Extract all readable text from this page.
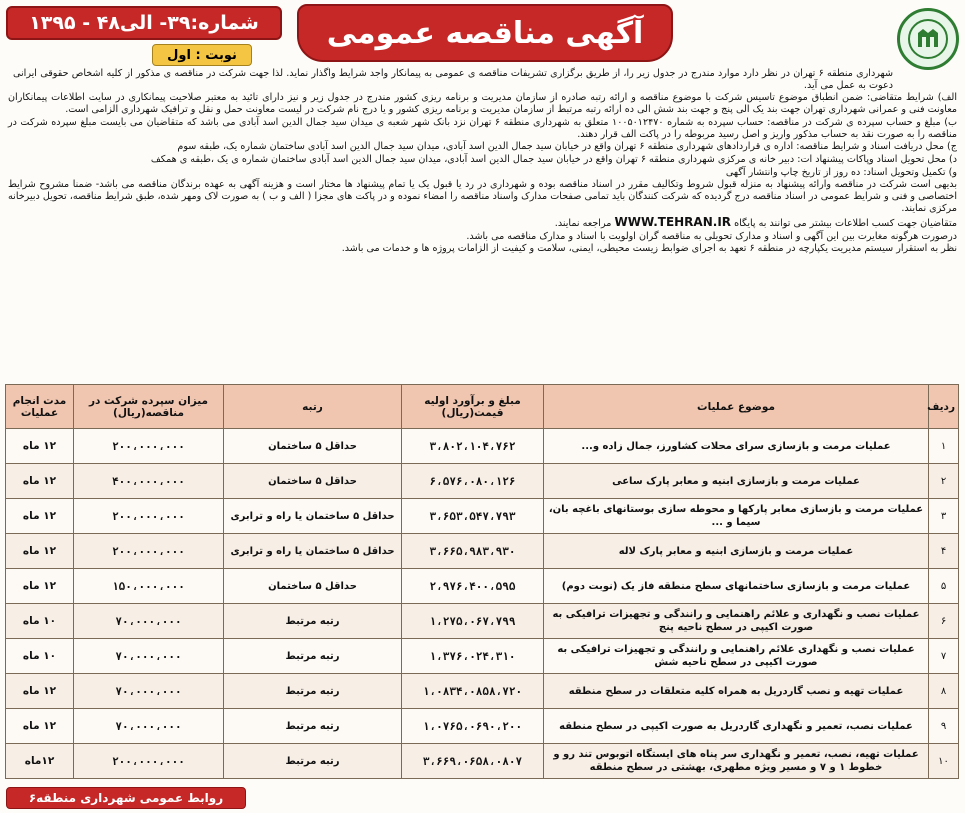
آگهی مناقصه عمومی
شماره:۳۹- الی۴۸ - ۱۳۹۵
نوبت : اول
شهرداری منطقه ۶ تهران در نظر دارد موارد مندرج در جدول زیر را، از طریق برگزاری تشریفات مناقصه ی عمومی به پیمانکار واجد شرایط واگذار نماید. لذا جهت شرکت در مناقصه ی مذکور از کلیه اشخاص حقوقی ایرانی دعوت به عمل می آید.

الف) شرایط متقاضی: ضمن انطباق موضوع تاسیس شرکت با موضوع مناقصه و ارائه رتبه صادره از سازمان مدیریت و برنامه ریزی کشور مندرج در جدول زیر و نیز دارای تائید به معتبر صلاحیت پیمانکاری در سایت اطلاعات پیمانکاران معاونت فنی و عمرانی شهرداری تهران جهت بند یک الی پنج و جهت بند شش الی ده ارائه رتبه مرتبط از سازمان مدیریت و برنامه ریزی کشور و یا درج نام شرکت در لیست معاونت حمل و نقل و ترافیک شهرداری الزامی است.

ب) مبلغ و حساب سپرده ی شرکت در مناقصه: حساب سپرده به شماره ۱۰۰۵۰۱۲۴۷۰ متعلق به شهرداری منطقه ۶ تهران نزد بانک شهر شعبه ی میدان سید جمال الدین اسد آبادی می باشد که متقاضیان می بایست مبلغ سپرده شرکت در مناقصه را به صورت نقد به حساب مذکور واریز و اصل رسید مربوطه را در پاکت الف قرار دهند.

ج) محل دریافت اسناد و شرایط مناقصه: اداره ی قراردادهای شهرداری منطقه ۶ تهران واقع در خیابان سید جمال الدین اسد آبادی، میدان سید جمال الدین اسد آبادی ساختمان شماره یک، طبقه سوم

د) محل تحویل اسناد وپاکات پیشنهاد ات: دبیر خانه ی مرکزی شهرداری منطقه ۶ تهران واقع در خیابان سید جمال الدین اسد آبادی، میدان سید جمال الدین اسد آبادی ساختمان شماره ی یک ،طبقه ی همکف

و) تکمیل وتحویل اسناد: ده روز از تاریخ چاپ وانتشار آگهی

بدیهی است شرکت در مناقصه وارائه پیشنهاد به منزله قبول شروط وتکالیف مقرر در اسناد مناقصه بوده و شهرداری در رد یا قبول یک یا تمام پیشنهاد ها مختار است و هزینه آگهی به عهده برندگان مناقصه می باشد- ضمنا مشروح شرایط اختصاصی و فنی و شرایط عمومی در اسناد مناقصه درج گردیده که شرکت کنندگان باید تمامی صفحات مدارک واسناد مناقصه را امضاء نموده و در پاکت های مجزا ( الف و ب ) به صورت لاک ومهر شده، طبق شرایط مناقصه، تحویل دبیرخانه مرکزی نمایند.

متقاضیان جهت کسب اطلاعات بیشتر می توانند به پایگاه WWW.TEHRAN.IR مراجعه نمایند.

درصورت هرگونه مغایرت بین این آگهی و اسناد و مدارک تحویلی به مناقصه گران اولویت با اسناد و مدارک مناقصه می باشد.

نظر به استقرار سیستم مدیریت یکپارچه در منطقه ۶ تعهد به اجرای ضوابط زیست محیطی، ایمنی، سلامت و کیفیت از الزامات پروژه ها و خدمات می باشد.

ردیف	موضوع عملیات	مبلغ و برآورد اولیه قیمت(ریال)	رتبه	میزان سپرده شرکت در مناقصه(ریال)	مدت انجام عملیات
۱	عملیات مرمت و بازسازی سرای محلات کشاورز، جمال زاده و...	۳،۸۰۲،۱۰۴،۷۶۲	حداقل ۵ ساختمان	۲۰۰،۰۰۰،۰۰۰	۱۲ ماه
۲	عملیات مرمت و بازسازی ابنیه و معابر پارک ساعی	۶،۵۷۶،۰۸۰،۱۲۶	حداقل ۵ ساختمان	۴۰۰،۰۰۰،۰۰۰	۱۲ ماه
۳	عملیات مرمت و بازسازی معابر پارکها و محوطه سازی بوستانهای باغچه بان، سیما و ...	۳،۶۵۳،۵۴۷،۷۹۳	حداقل ۵ ساختمان یا راه و ترابری	۲۰۰،۰۰۰،۰۰۰	۱۲ ماه
۴	عملیات مرمت و بازسازی ابنیه و معابر پارک لاله	۳،۶۶۵،۹۸۳،۹۳۰	حداقل ۵ ساختمان یا راه و ترابری	۲۰۰،۰۰۰،۰۰۰	۱۲ ماه
۵	عملیات مرمت و بازسازی ساختمانهای سطح منطقه فاز یک (نوبت دوم)	۲،۹۷۶،۴۰۰،۵۹۵	حداقل ۵ ساختمان	۱۵۰،۰۰۰،۰۰۰	۱۲ ماه
۶	عملیات نصب و نگهداری و علائم راهنمایی و رانندگی و تجهیزات ترافیکی به صورت اکیپی در سطح ناحیه پنج	۱،۲۷۵،۰۶۷،۷۹۹	رتبه مرتبط	۷۰،۰۰۰،۰۰۰	۱۰ ماه
۷	عملیات نصب و نگهداری علائم راهنمایی و رانندگی و تجهیزات ترافیکی به صورت اکیپی در سطح ناحیه شش	۱،۳۷۶،۰۲۴،۳۱۰	رتبه مرتبط	۷۰،۰۰۰،۰۰۰	۱۰ ماه
۸	عملیات تهیه و نصب گاردریل به همراه کلیه متعلقات در سطح منطقه	۱،۰۸۳۴،۰۸۵۸،۷۲۰	رتبه مرتبط	۷۰،۰۰۰،۰۰۰	۱۲ ماه
۹	عملیات نصب، تعمیر و نگهداری گاردریل به صورت اکیپی در سطح منطقه	۱،۰۷۶۵،۰۶۹۰،۲۰۰	رتبه مرتبط	۷۰،۰۰۰،۰۰۰	۱۲ ماه
۱۰	عملیات تهیه، نصب، تعمیر و نگهداری سر پناه های ایستگاه اتوبوس تند رو و خطوط ۱ و ۷ و مسیر ویژه مطهری، بهشتی در سطح منطقه	۳،۶۶۹،۰۶۵۸،۰۸۰۷	رتبه مرتبط	۲۰۰،۰۰۰،۰۰۰	۱۲ماه
روابط عمومی شهرداری منطقه۶
